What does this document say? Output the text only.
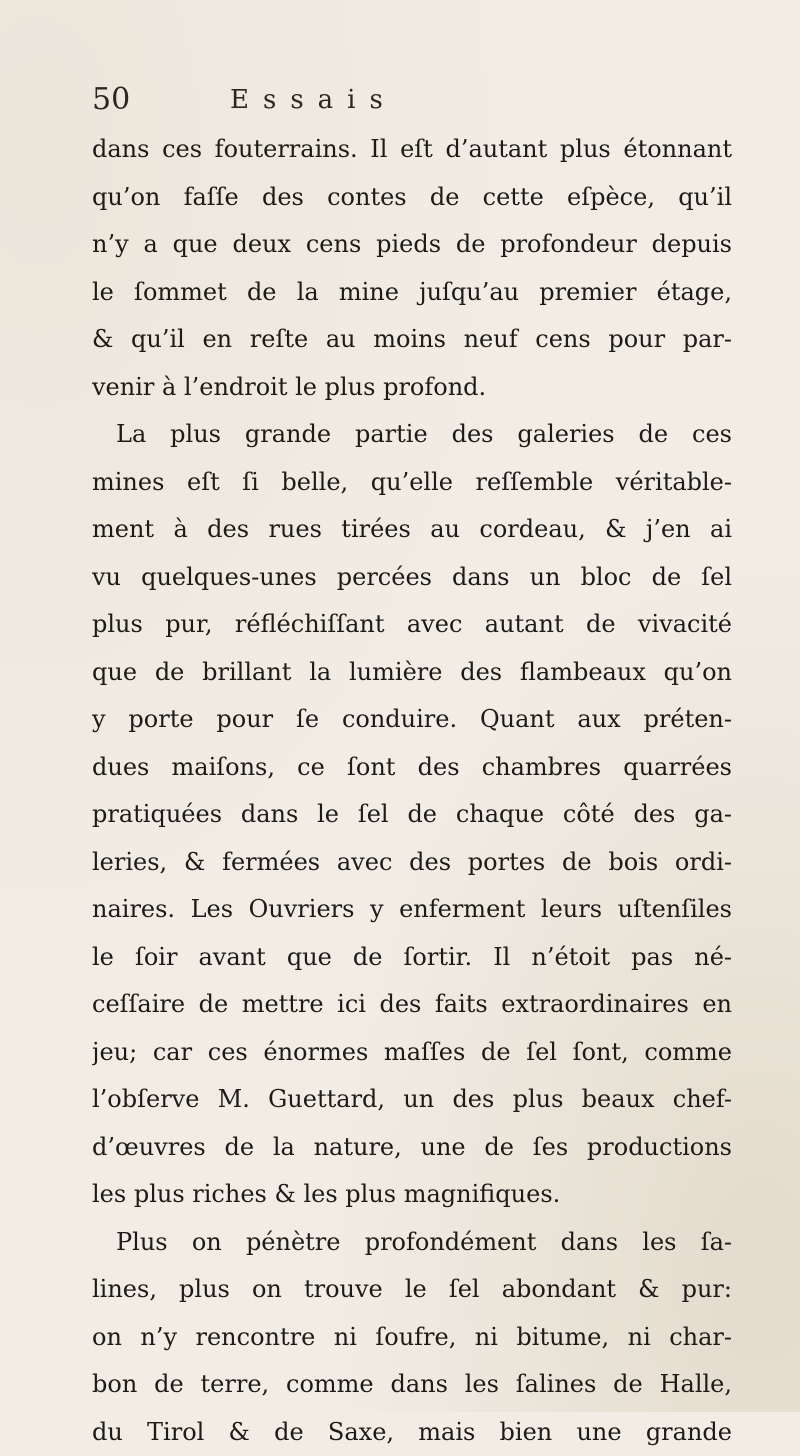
50	Essais
dans ces fouterrains. Il eſt d’autant plus étonnant
qu’on faſſe des contes de cette eſpèce, qu’il
n’y a que deux cens pieds de profondeur depuis
le ſommet de la mine juſqu’au premier étage,
& qu’il en reſte au moins neuf cens pour par-
venir à l’endroit le plus profond.
La plus grande partie des galeries de ces
mines eſt ſi belle, qu’elle reſſemble véritable-
ment à des rues tirées au cordeau, & j’en ai
vu quelques-unes percées dans un bloc de ſel
plus pur, réfléchiſſant avec autant de vivacité
que de brillant la lumière des flambeaux qu’on
y porte pour ſe conduire. Quant aux préten-
dues maiſons, ce ſont des chambres quarrées
pratiquées dans le ſel de chaque côté des ga-
leries, & fermées avec des portes de bois ordi-
naires. Les Ouvriers y enferment leurs uſtenſiles
le ſoir avant que de ſortir. Il n’étoit pas né-
ceſſaire de mettre ici des faits extraordinaires en
jeu; car ces énormes maſſes de ſel ſont, comme
l’obſerve M. Guettard, un des plus beaux chef-
d’œuvres de la nature, une de ſes productions
les plus riches & les plus magnifiques.
Plus on pénètre profondément dans les ſa-
lines, plus on trouve le ſel abondant & pur:
on n’y rencontre ni ſoufre, ni bitume, ni char-
bon de terre, comme dans les ſalines de Halle,
du Tirol & de Saxe, mais bien une grande
